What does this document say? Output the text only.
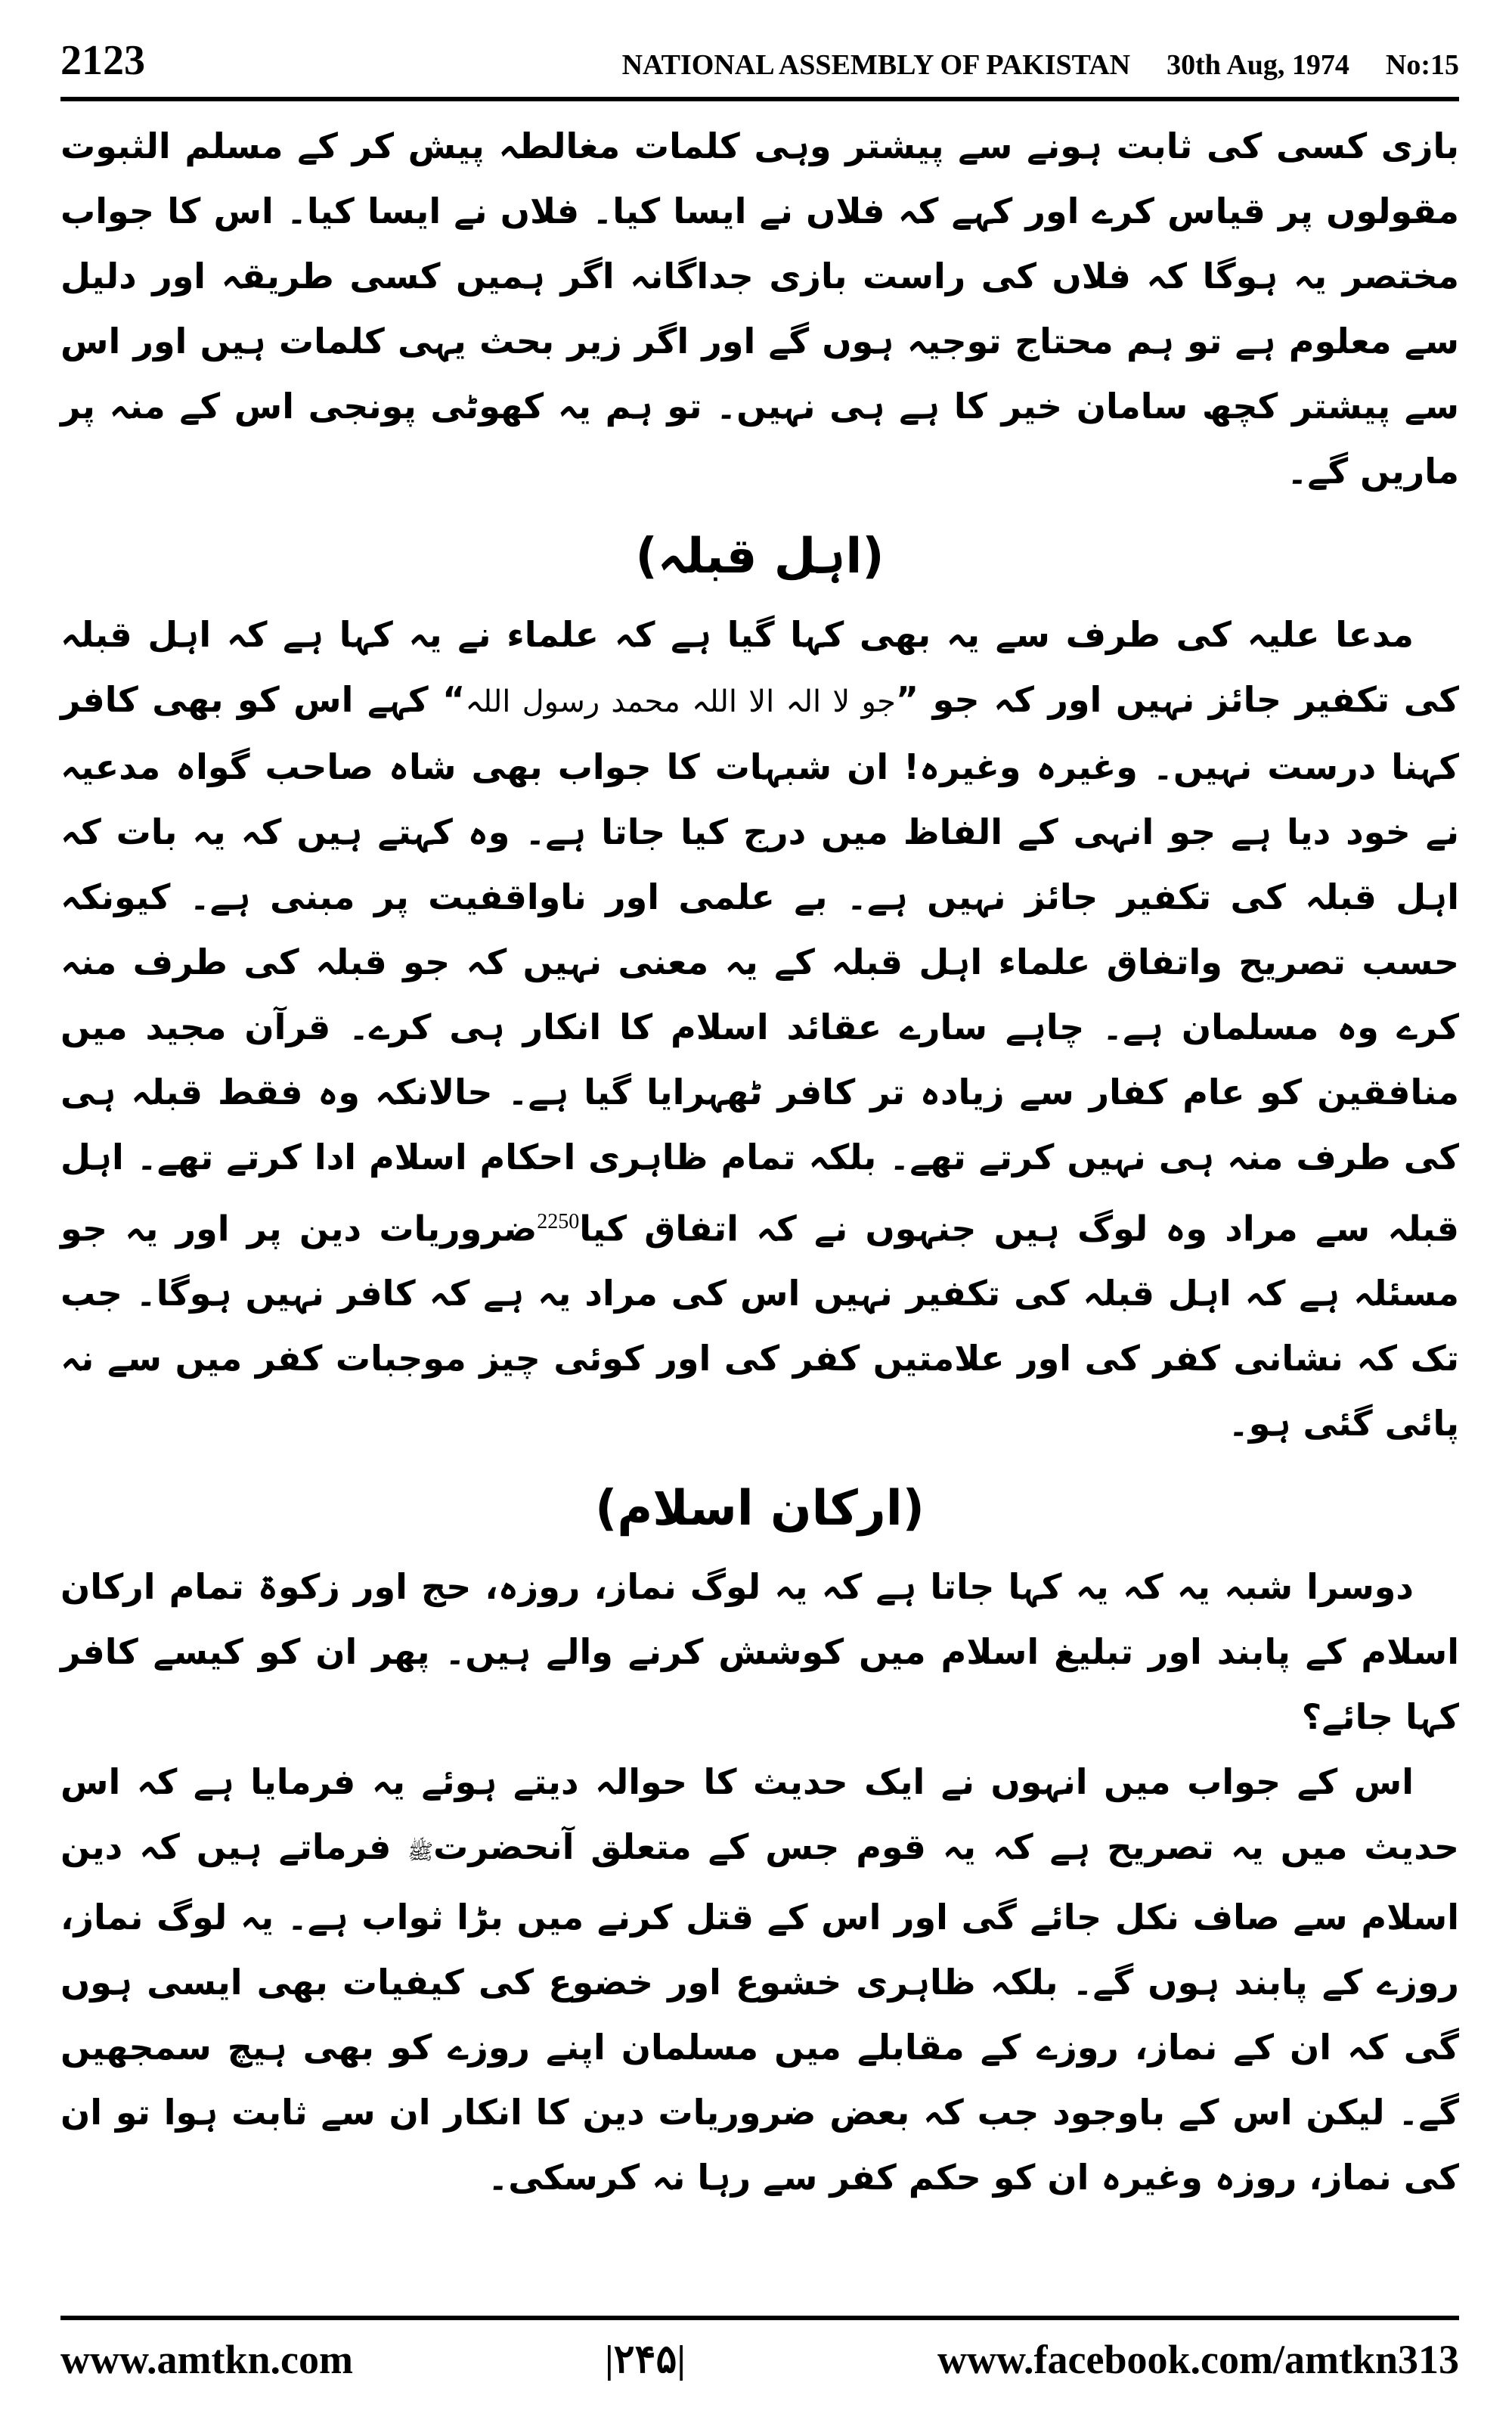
2123	NATIONAL ASSEMBLY OF PAKISTAN 30th Aug, 1974 No:15

بازی کسی کی ثابت ہونے سے پیشتر وہی کلمات مغالطہ پیش کر کے مسلم الثبوت مقولوں پر قیاس کرے اور کہے کہ فلاں نے ایسا کیا۔ فلاں نے ایسا کیا۔ اس کا جواب مختصر یہ ہوگا کہ فلاں کی راست بازی جداگانہ اگر ہمیں کسی طریقہ اور دلیل سے معلوم ہے تو ہم محتاج توجیہ ہوں گے اور اگر زیر بحث یہی کلمات ہیں اور اس سے پیشتر کچھ سامان خیر کا ہے ہی نہیں۔ تو ہم یہ کھوٹی پونجی اس کے منہ پر ماریں گے۔

(اہل قبلہ)

مدعا علیہ کی طرف سے یہ بھی کہا گیا ہے کہ علماء نے یہ کہا ہے کہ اہل قبلہ کی تکفیر جائز نہیں اور کہ جو ”جو لا الہ الا اللہ محمد رسول اللہ“ کہے اس کو بھی کافر کہنا درست نہیں۔ وغیرہ وغیرہ! ان شبہات کا جواب بھی شاہ صاحب گواہ مدعیہ نے خود دیا ہے جو انہی کے الفاظ میں درج کیا جاتا ہے۔ وہ کہتے ہیں کہ یہ بات کہ اہل قبلہ کی تکفیر جائز نہیں ہے۔ بے علمی اور ناواقفیت پر مبنی ہے۔ کیونکہ حسب تصریح واتفاق علماء اہل قبلہ کے یہ معنی نہیں کہ جو قبلہ کی طرف منہ کرے وہ مسلمان ہے۔ چاہے سارے عقائد اسلام کا انکار ہی کرے۔ قرآن مجید میں منافقین کو عام کفار سے زیادہ تر کافر ٹھہرایا گیا ہے۔ حالانکہ وہ فقط قبلہ ہی کی طرف منہ ہی نہیں کرتے تھے۔ بلکہ تمام ظاہری احکام اسلام ادا کرتے تھے۔ اہل قبلہ سے مراد وہ لوگ ہیں جنہوں نے کہ اتفاق کیا$^{2250}$ضروریات دین پر اور یہ جو مسئلہ ہے کہ اہل قبلہ کی تکفیر نہیں اس کی مراد یہ ہے کہ کافر نہیں ہوگا۔ جب تک کہ نشانی کفر کی اور علامتیں کفر کی اور کوئی چیز موجبات کفر میں سے نہ پائی گئی ہو۔

(ارکان اسلام)

دوسرا شبہ یہ کہ یہ کہا جاتا ہے کہ یہ لوگ نماز، روزہ، حج اور زکوۃ تمام ارکان اسلام کے پابند اور تبلیغ اسلام میں کوشش کرنے والے ہیں۔ پھر ان کو کیسے کافر کہا جائے؟

اس کے جواب میں انہوں نے ایک حدیث کا حوالہ دیتے ہوئے یہ فرمایا ہے کہ اس حدیث میں یہ تصریح ہے کہ یہ قوم جس کے متعلق آنحضرتﷺ فرماتے ہیں کہ دین اسلام سے صاف نکل جائے گی اور اس کے قتل کرنے میں بڑا ثواب ہے۔ یہ لوگ نماز، روزے کے پابند ہوں گے۔ بلکہ ظاہری خشوع اور خضوع کی کیفیات بھی ایسی ہوں گی کہ ان کے نماز، روزے کے مقابلے میں مسلمان اپنے روزے کو بھی ہیچ سمجھیں گے۔ لیکن اس کے باوجود جب کہ بعض ضروریات دین کا انکار ان سے ثابت ہوا تو ان کی نماز، روزہ وغیرہ ان کو حکم کفر سے رہا نہ کرسکی۔

www.amtkn.com	|۲۴۵|	www.facebook.com/amtkn313
